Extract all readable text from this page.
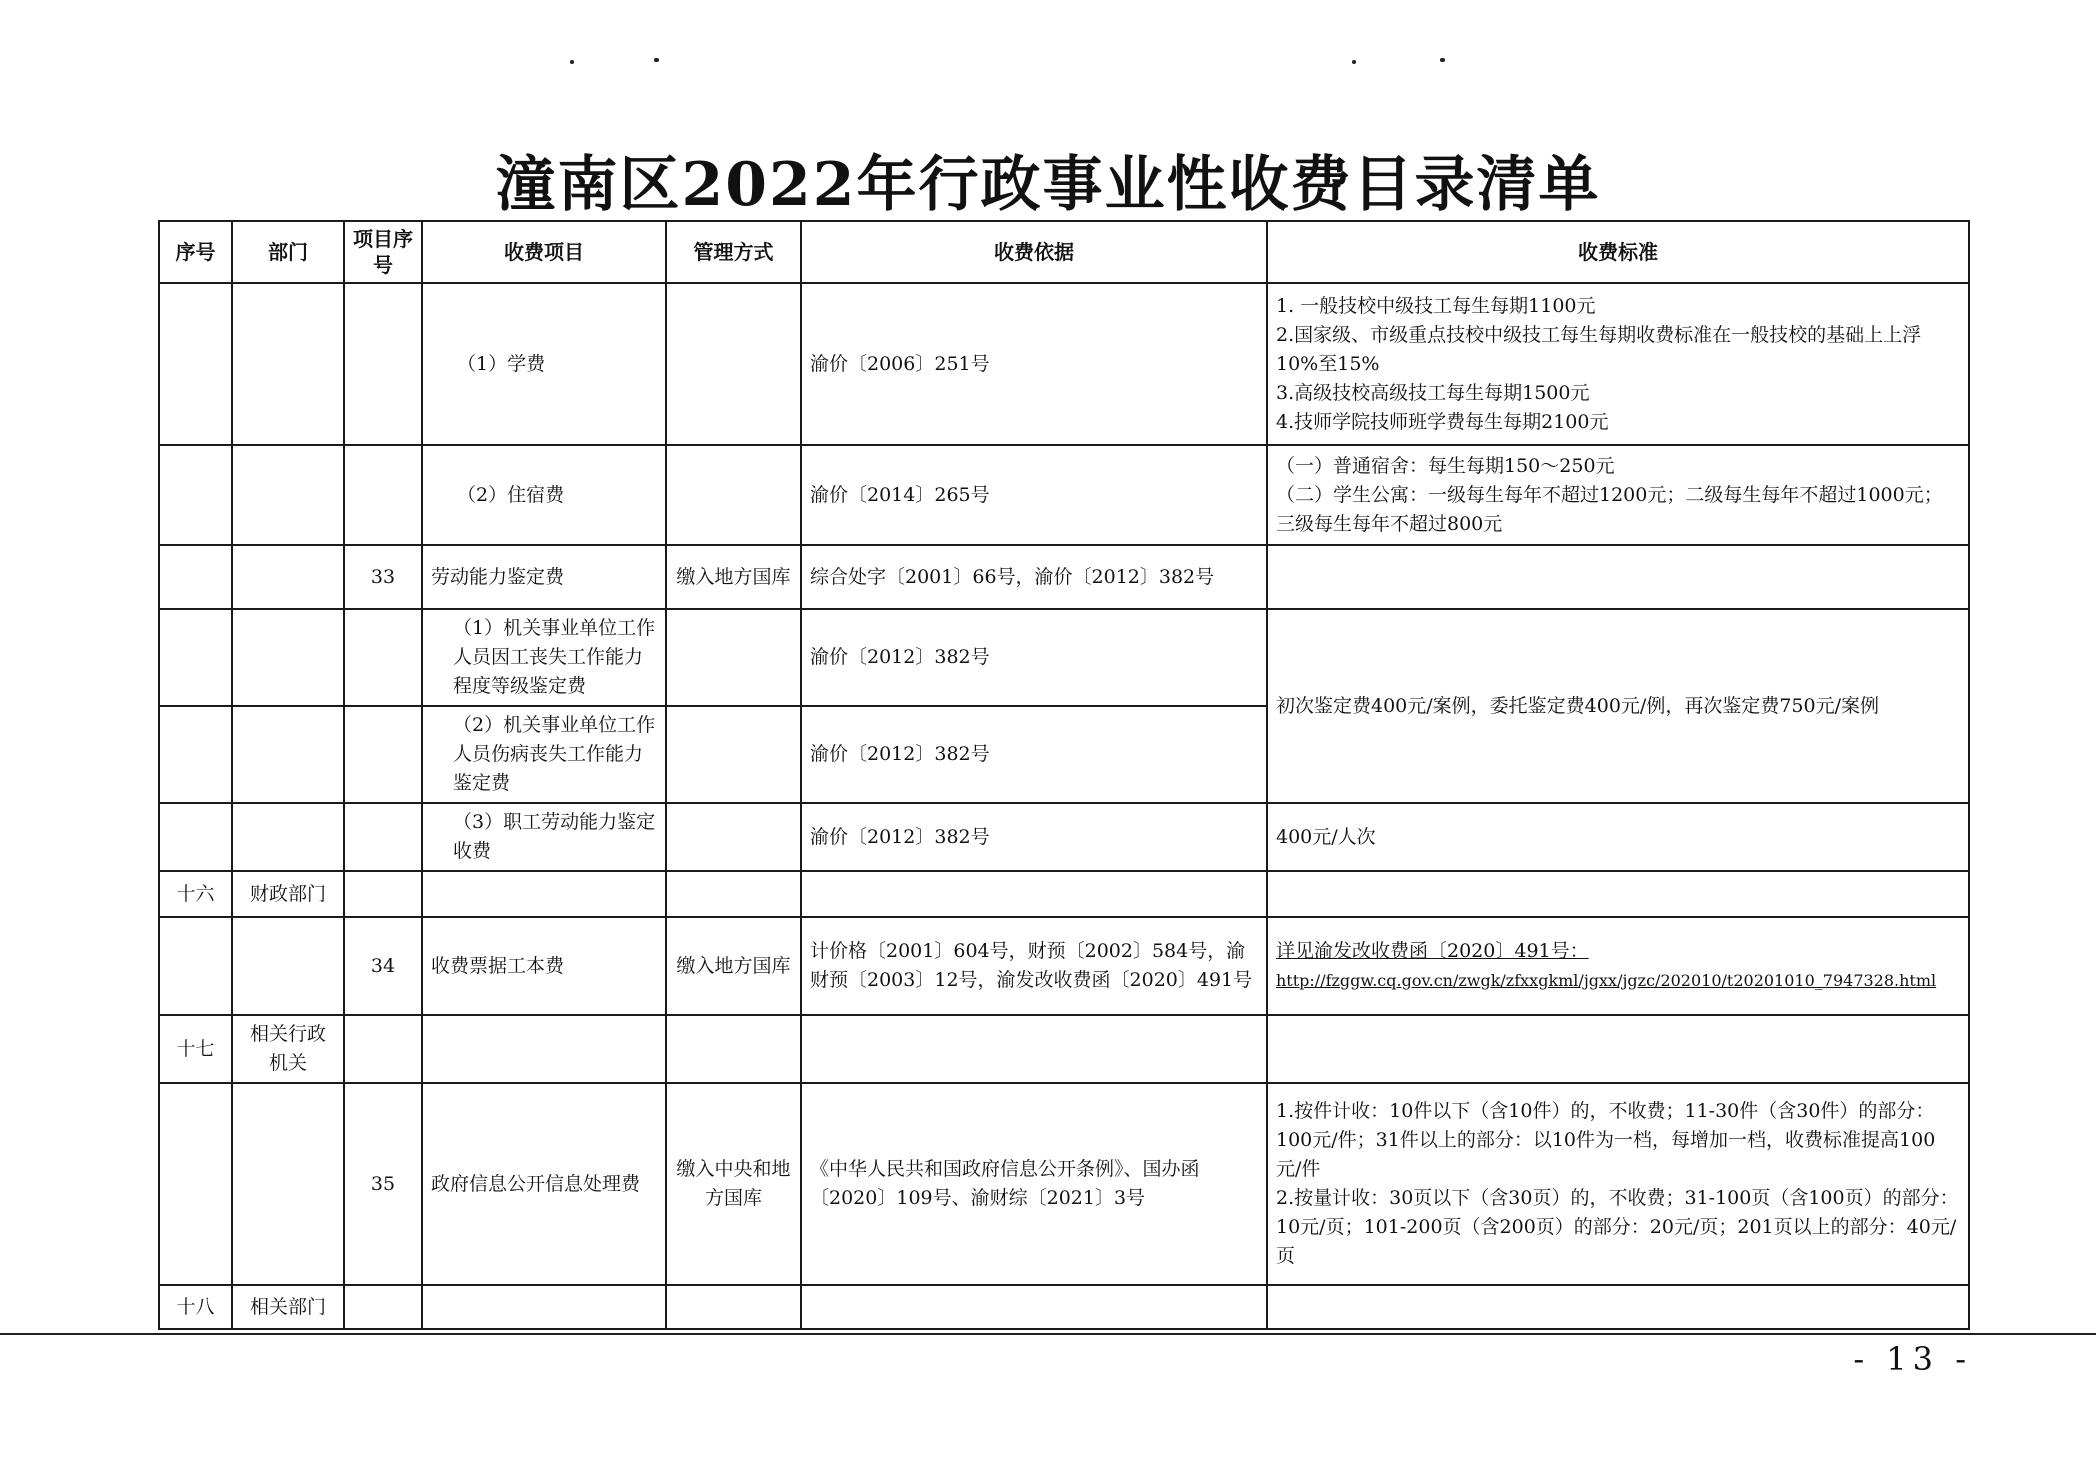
潼南区2022年行政事业性收费目录清单
序号	部门	项目序号	收费项目	管理方式	收费依据	收费标准
			（1）学费		渝价〔2006〕251号	1. 一般技校中级技工每生每期1100元
2.国家级、市级重点技校中级技工每生每期收费标准在一般技校的基础上上浮10%至15%
3.高级技校高级技工每生每期1500元
4.技师学院技师班学费每生每期2100元

			（2）住宿费		渝价〔2014〕265号	（一）普通宿舍：每生每期150～250元
（二）学生公寓：一级每生每年不超过1200元；二级每生每年不超过1000元；三级每生每年不超过800元

		33	劳动能力鉴定费	缴入地方国库	综合处字〔2001〕66号，渝价〔2012〕382号	
			（1）机关事业单位工作人员因工丧失工作能力程度等级鉴定费		渝价〔2012〕382号	初次鉴定费400元/案例，委托鉴定费400元/例，再次鉴定费750元/案例
			（2）机关事业单位工作人员伤病丧失工作能力鉴定费		渝价〔2012〕382号	
			（3）职工劳动能力鉴定收费		渝价〔2012〕382号	400元/人次
十六	财政部门					
		34	收费票据工本费	缴入地方国库	计价格〔2001〕604号，财预〔2002〕584号，渝财预〔2003〕12号，渝发改收费函〔2020〕491号	详见渝发改收费函〔2020〕491号：
http://fzggw.cq.gov.cn/zwgk/zfxxgkml/jgxx/jgzc/202010/t20201010_7947328.html

十七	相关行政机关					
		35	政府信息公开信息处理费	缴入中央和地方国库	《中华人民共和国政府信息公开条例》、国办函〔2020〕109号、渝财综〔2021〕3号	1.按件计收：10件以下（含10件）的，不收费；11-30件（含30件）的部分：100元/件；31件以上的部分：以10件为一档，每增加一档，收费标准提高100元/件
2.按量计收：30页以下（含30页）的，不收费；31-100页（含100页）的部分：10元/页；101-200页（含200页）的部分：20元/页；201页以上的部分：40元/页

十八	相关部门					
- 13 -
